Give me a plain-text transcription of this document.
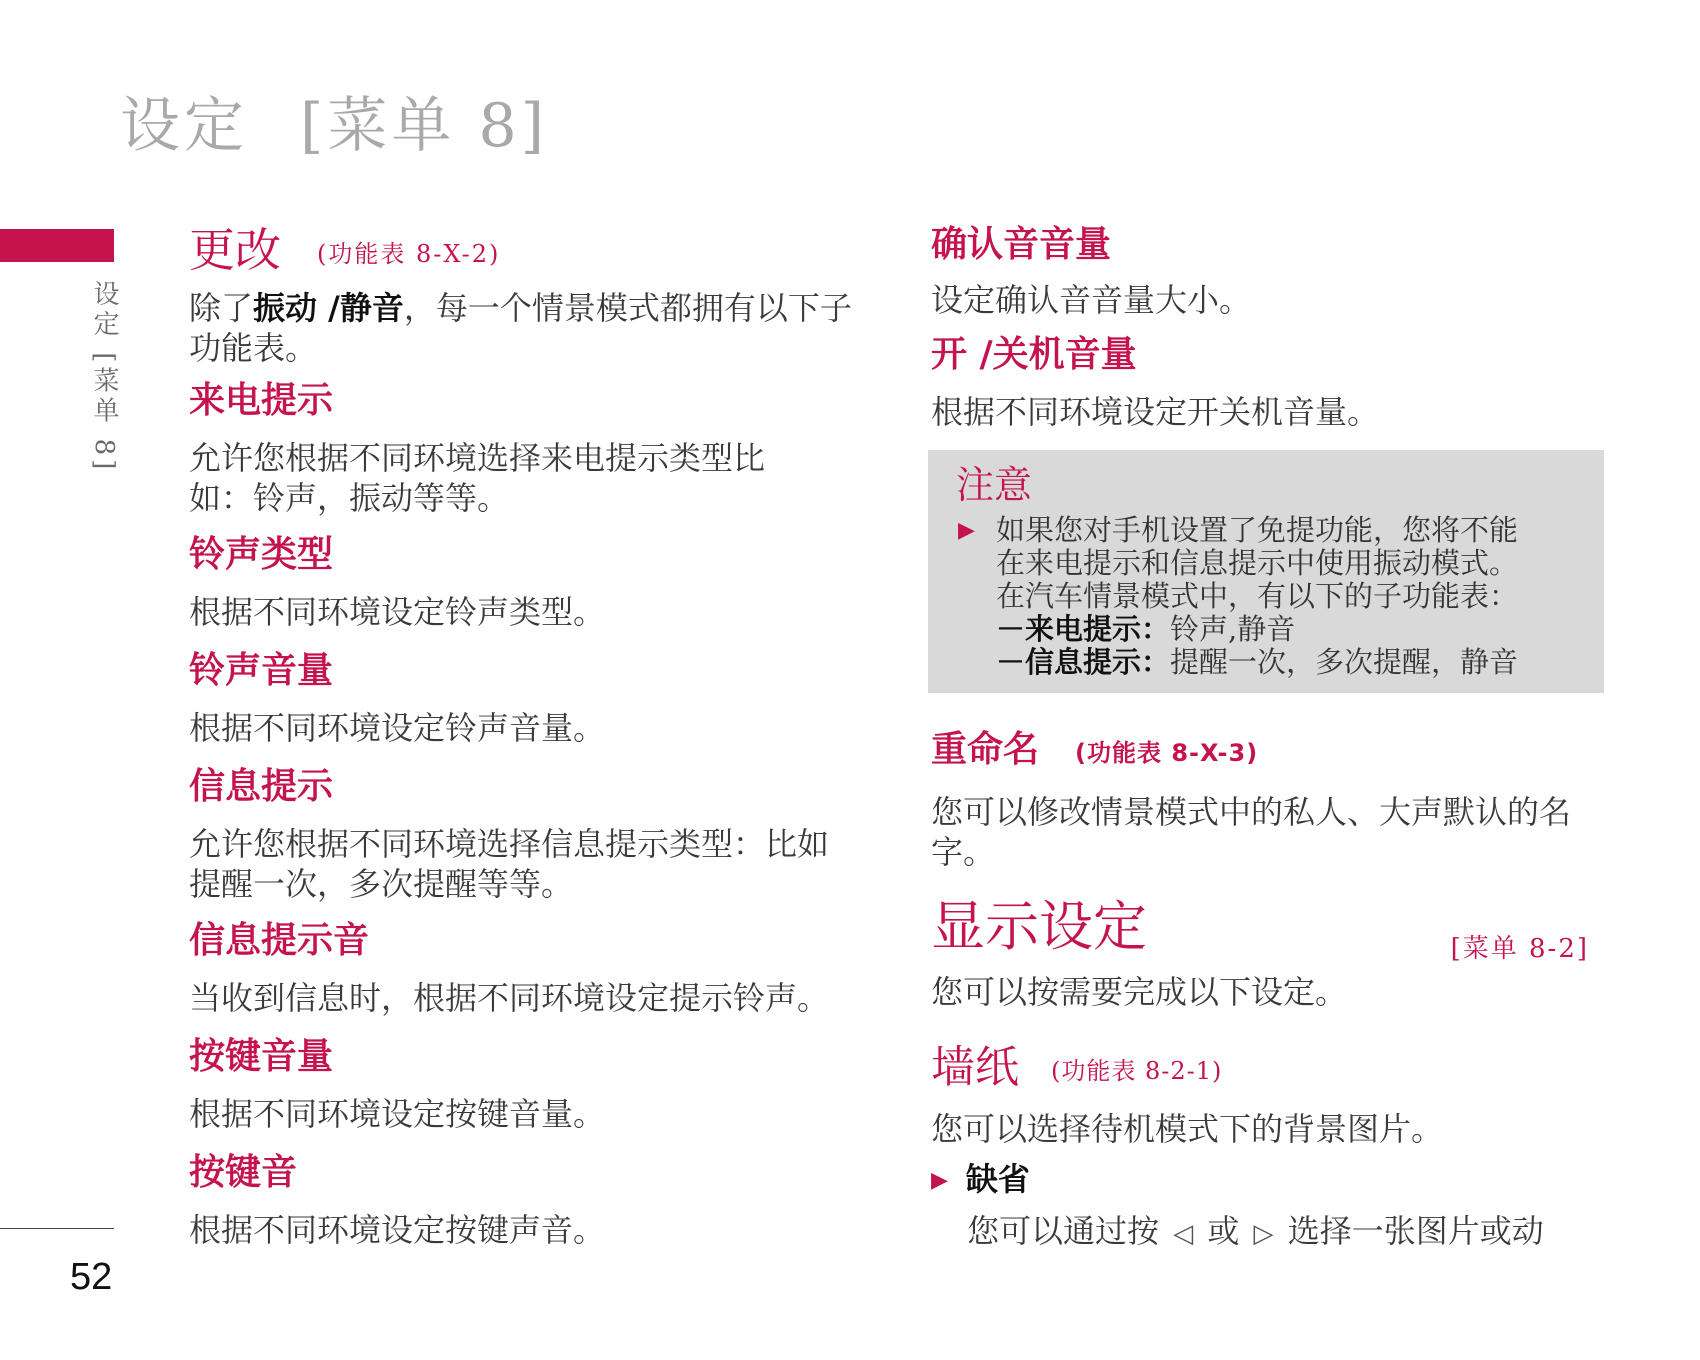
设定 [菜单 8]
设定 [菜单 8]
52
更改 (功能表 8-X-2)

除了振动 /静音，每一个情景模式都拥有以下子功能表。

来电提示

允许您根据不同环境选择来电提示类型比如：铃声，振动等等。

铃声类型

根据不同环境设定铃声类型。

铃声音量

根据不同环境设定铃声音量。

信息提示

允许您根据不同环境选择信息提示类型：比如提醒一次，多次提醒等等。

信息提示音

当收到信息时，根据不同环境设定提示铃声。

按键音量

根据不同环境设定按键音量。

按键音

根据不同环境设定按键声音。

确认音音量

设定确认音音量大小。

开 /关机音量

根据不同环境设定开关机音量。

注意
▶ 如果您对手机设置了免提功能，您将不能
在来电提示和信息提示中使用振动模式。
在汽车情景模式中，有以下的子功能表：
－来电提示：铃声,静音
－信息提示：提醒一次，多次提醒，静音
重命名 (功能表 8-X-3)

您可以修改情景模式中的私人、大声默认的名字。

显示设定	[菜单 8-2]

您可以按需要完成以下设定。

墙纸 (功能表 8-2-1)

您可以选择待机模式下的背景图片。

▶ 缺省

您可以通过按 ◁ 或 ▷ 选择一张图片或动
